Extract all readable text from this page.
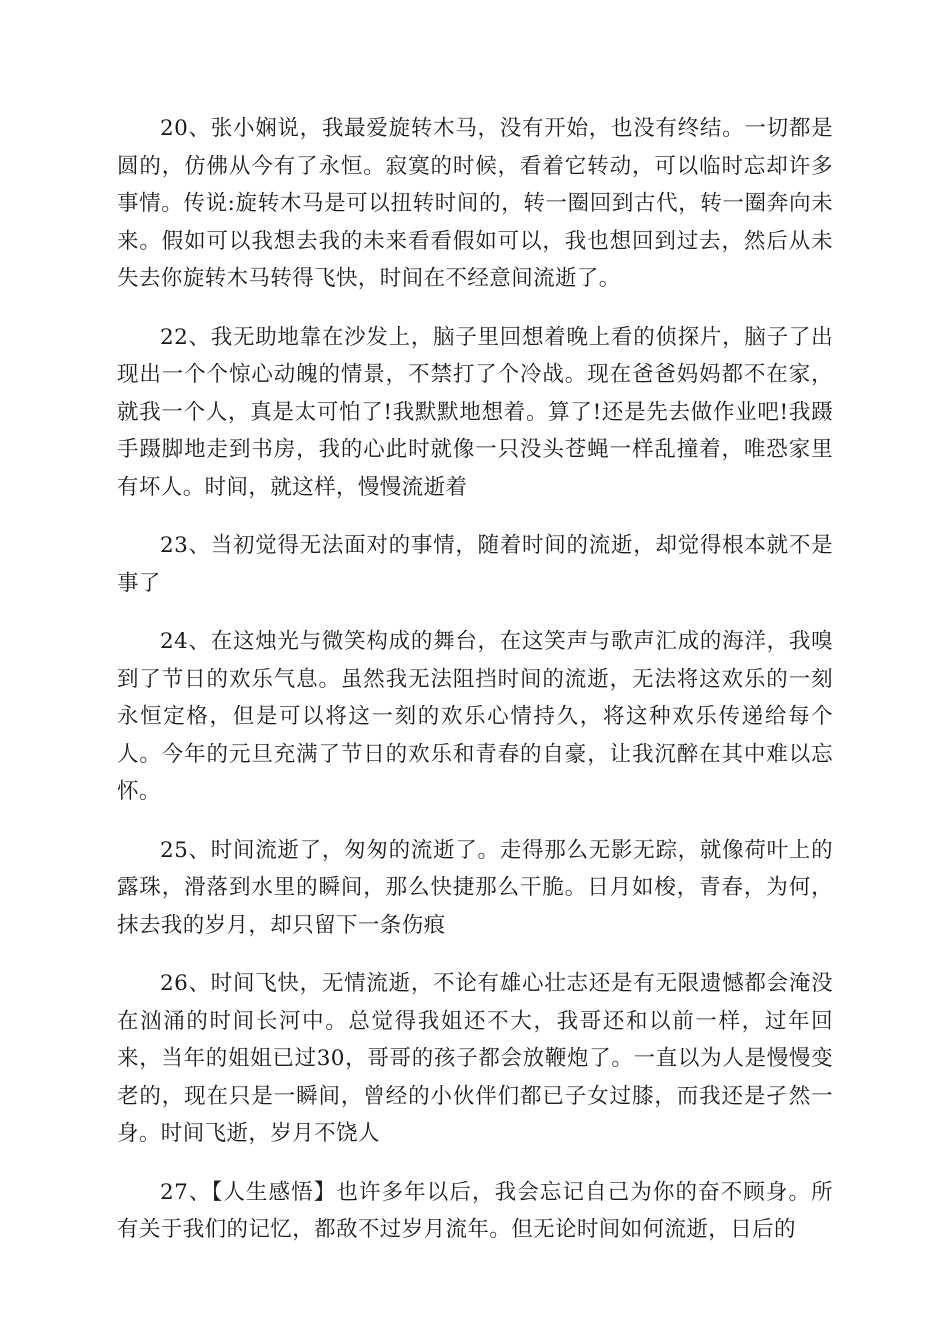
20、张小娴说，我最爱旋转木马，没有开始，也没有终结。一切都是圆的，仿佛从今有了永恒。寂寞的时候，看着它转动，可以临时忘却许多事情。传说:旋转木马是可以扭转时间的，转一圈回到古代，转一圈奔向未来。假如可以我想去我的未来看看假如可以，我也想回到过去，然后从未失去你旋转木马转得飞快，时间在不经意间流逝了。

22、我无助地靠在沙发上，脑子里回想着晚上看的侦探片，脑子了出现出一个个惊心动魄的情景，不禁打了个冷战。现在爸爸妈妈都不在家，就我一个人，真是太可怕了!我默默地想着。算了!还是先去做作业吧!我蹑手蹑脚地走到书房，我的心此时就像一只没头苍蝇一样乱撞着，唯恐家里有坏人。时间，就这样，慢慢流逝着

23、当初觉得无法面对的事情，随着时间的流逝，却觉得根本就不是事了

24、在这烛光与微笑构成的舞台，在这笑声与歌声汇成的海洋，我嗅到了节日的欢乐气息。虽然我无法阻挡时间的流逝，无法将这欢乐的一刻永恒定格，但是可以将这一刻的欢乐心情持久，将这种欢乐传递给每个人。今年的元旦充满了节日的欢乐和青春的自豪，让我沉醉在其中难以忘怀。

25、时间流逝了，匆匆的流逝了。走得那么无影无踪，就像荷叶上的露珠，滑落到水里的瞬间，那么快捷那么干脆。日月如梭，青春，为何，抹去我的岁月，却只留下一条伤痕

26、时间飞快，无情流逝，不论有雄心壮志还是有无限遗憾都会淹没在汹涌的时间长河中。总觉得我姐还不大，我哥还和以前一样，过年回来，当年的姐姐已过30，哥哥的孩子都会放鞭炮了。一直以为人是慢慢变老的，现在只是一瞬间，曾经的小伙伴们都已子女过膝，而我还是孑然一身。时间飞逝，岁月不饶人

27、【人生感悟】也许多年以后，我会忘记自己为你的奋不顾身。所有关于我们的记忆，都敌不过岁月流年。但无论时间如何流逝，日后的
